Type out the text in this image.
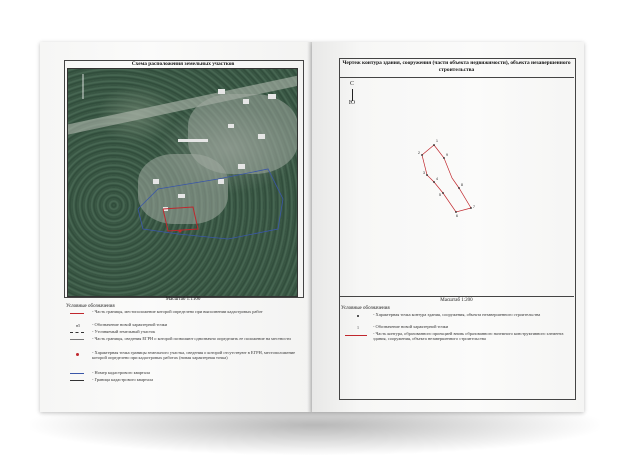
Схема расположения земельных участков
Масштаб 1:1100
Условные обозначения
- Часть границы, местоположение которой определено при выполнении кадастровых работ
н5	- Обозначение новой характерной точки
- Уточняемый земельный участок
- Часть границы, сведения ЕГРН о которой позволяют однозначно определить ее положение на местности
- Характерная точка границы земельного участка, сведения о которой отсутствуют в ЕГРН, местоположение которой определено при кадастровых работах (новая характерная точка)
- Номер кадастрового квартала
- Граница кадастрового квартала
Чертеж контура здания, сооружения (части объекта недвижимости), объекта незавершенного строительства
С
Ю
1
2
3
4
5
6
7
8
9
Масштаб 1:200
Условные обозначения
- Характерная точка контура здания, сооружения, объекта незавершенного строительства
1	- Обозначение новой характерной точки
- Часть контура, образованного проекцией вновь образованного наземного конструктивного элемента здания, сооружения, объекта незавершенного строительства
